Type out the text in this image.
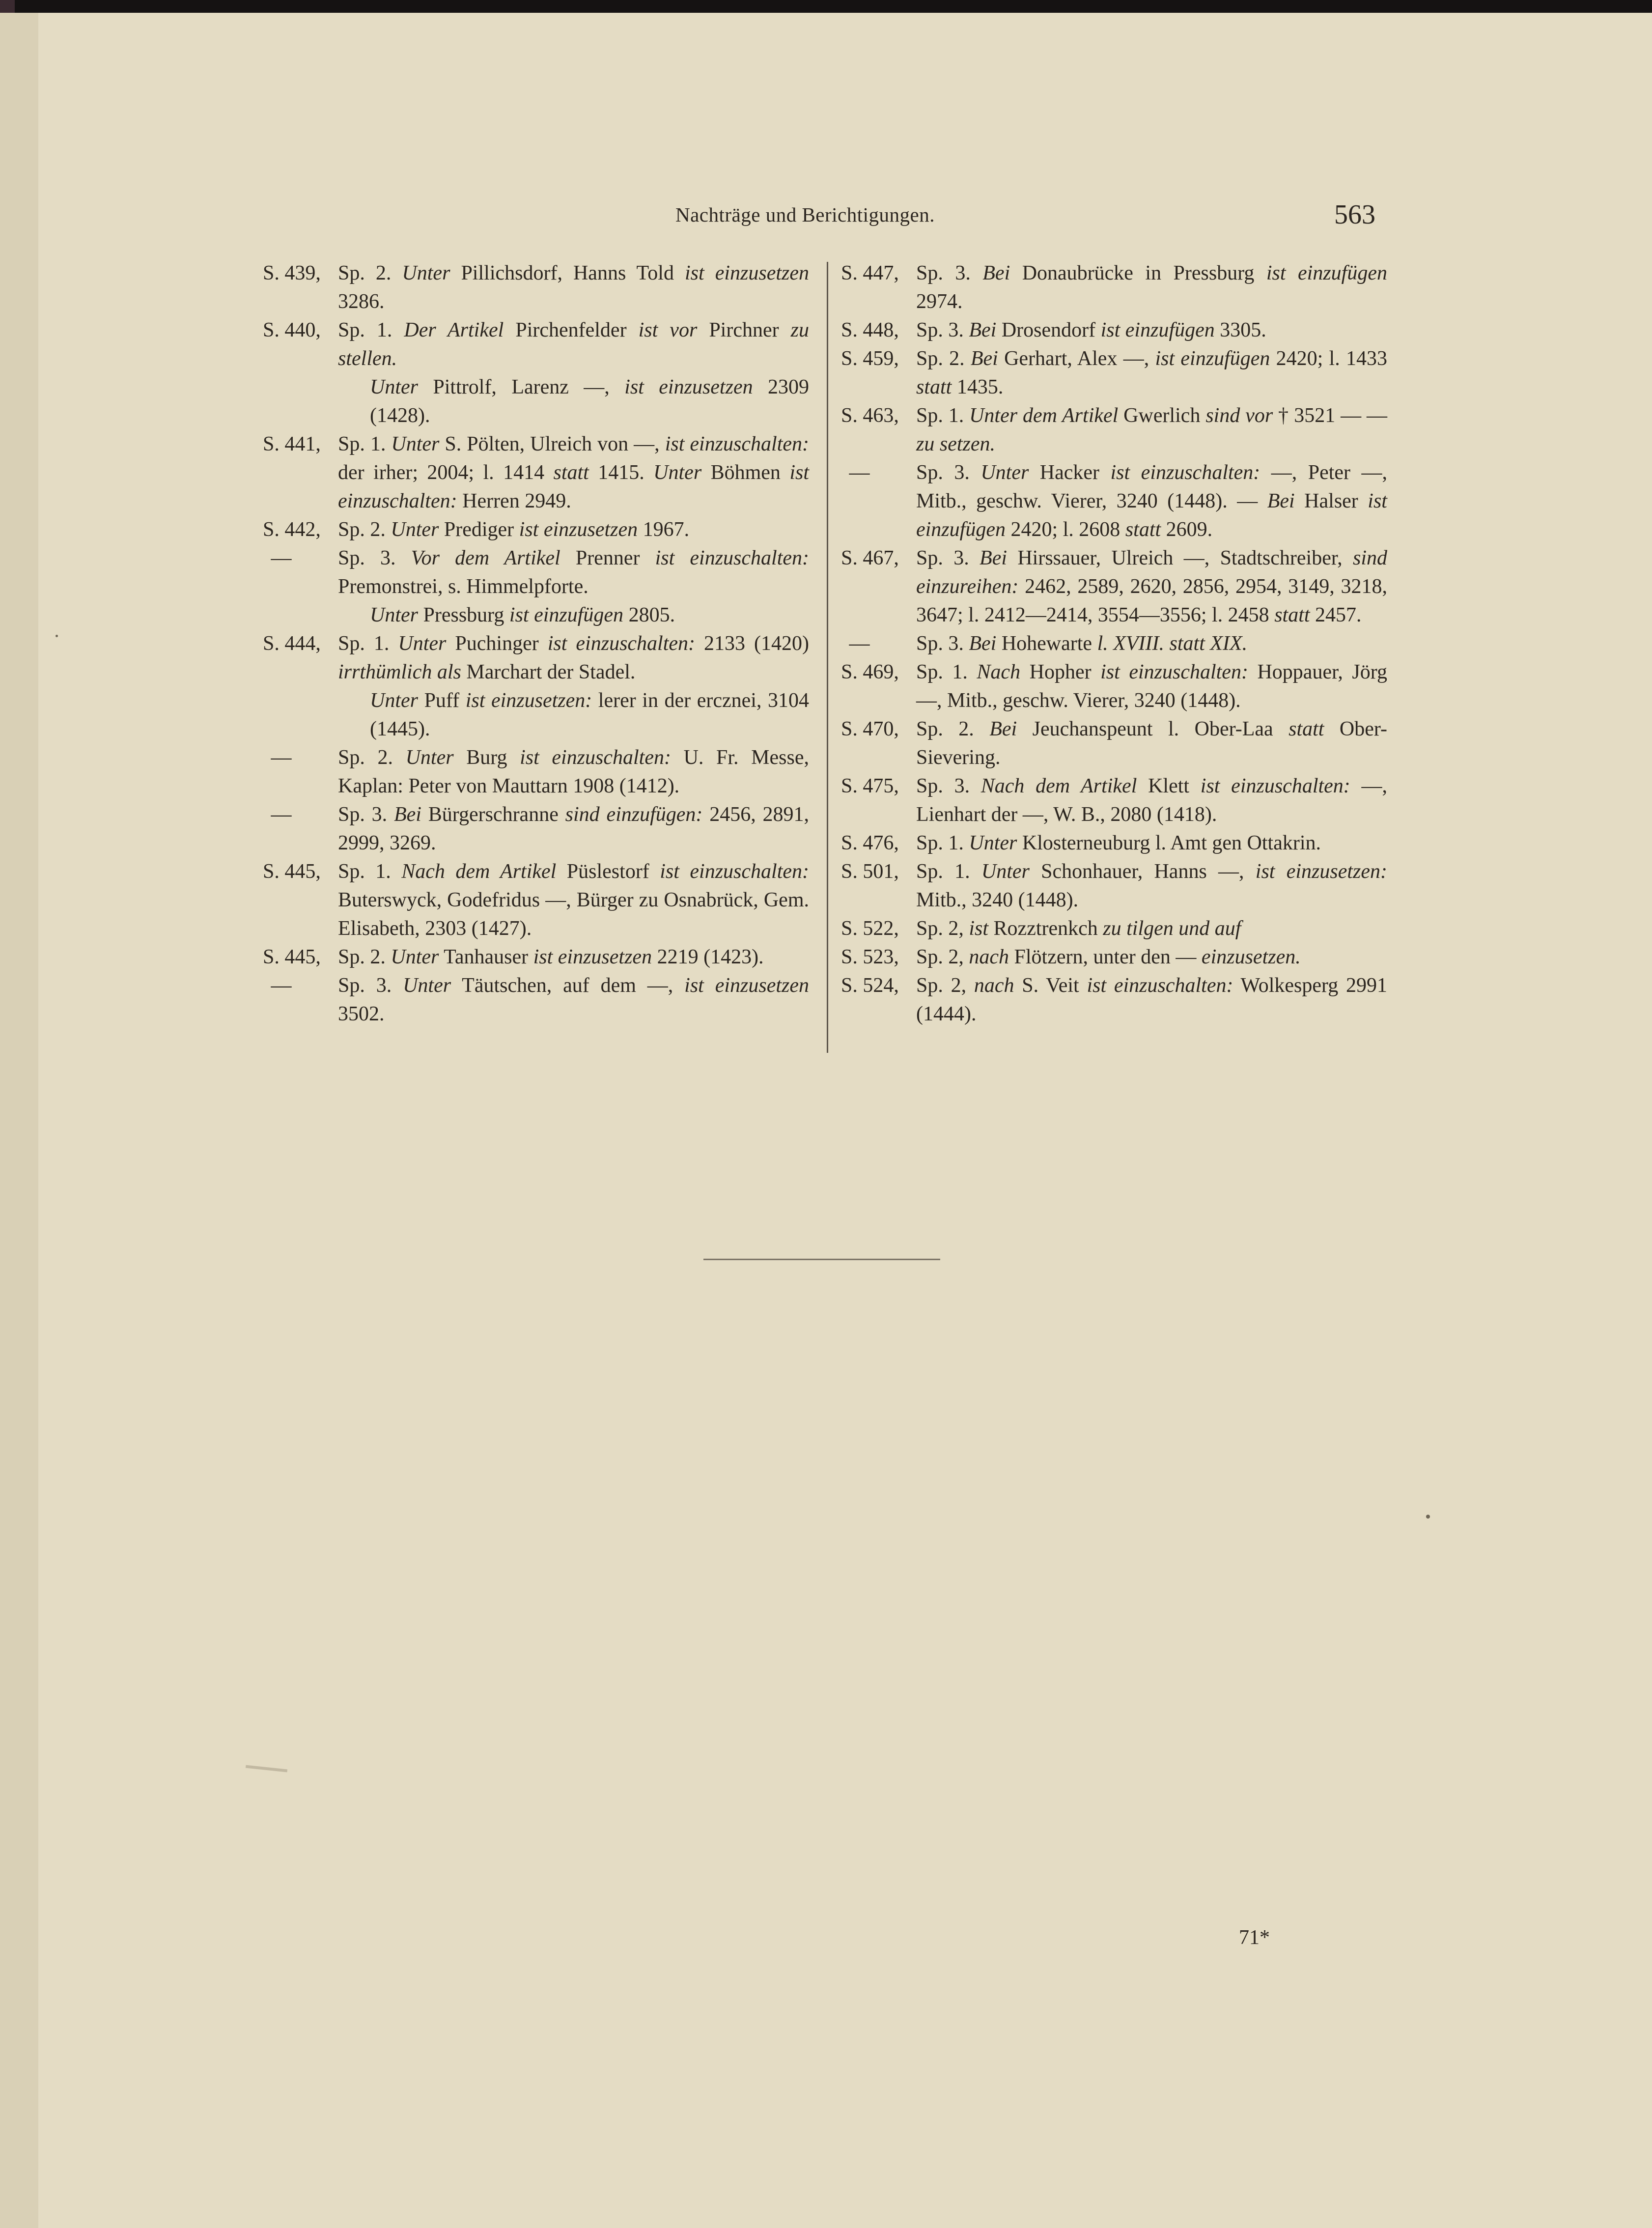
Nachträge und Berichtigungen.	563
S. 439, Sp. 2. Unter Pillichsdorf, Hanns Told ist einzusetzen 3286.
S. 440, Sp. 1. Der Artikel Pirchenfelder ist vor Pirchner zu stellen.
Unter Pittrolf, Larenz —, ist einzusetzen 2309 (1428).
S. 441, Sp. 1. Unter S. Pölten, Ulreich von —, ist einzuschalten: der irher; 2004; l. 1414 statt 1415. Unter Böhmen ist einzuschalten: Herren 2949.
S. 442, Sp. 2. Unter Prediger ist einzusetzen 1967.
—	Sp. 3. Vor dem Artikel Prenner ist einzuschalten: Premonstrei, s. Himmelpforte.
Unter Pressburg ist einzufügen 2805.
S. 444, Sp. 1. Unter Puchinger ist einzuschalten: 2133 (1420) irrthümlich als Marchart der Stadel.
Unter Puff ist einzusetzen: lerer in der ercznei, 3104 (1445).
—	Sp. 2. Unter Burg ist einzuschalten: U. Fr. Messe, Kaplan: Peter von Mauttarn 1908 (1412).
—	Sp. 3. Bei Bürgerschranne sind einzufügen: 2456, 2891, 2999, 3269.
S. 445, Sp. 1. Nach dem Artikel Püslestorf ist einzuschalten: Buterswyck, Godefridus —, Bürger zu Osnabrück, Gem. Elisabeth, 2303 (1427).
S. 445, Sp. 2. Unter Tanhauser ist einzusetzen 2219 (1423).
—	Sp. 3. Unter Täutschen, auf dem —, ist einzusetzen 3502.
S. 447, Sp. 3. Bei Donaubrücke in Pressburg ist einzufügen 2974.
S. 448, Sp. 3. Bei Drosendorf ist einzufügen 3305.
S. 459, Sp. 2. Bei Gerhart, Alex —, ist einzufügen 2420; l. 1433 statt 1435.
S. 463, Sp. 1. Unter dem Artikel Gwerlich sind vor † 3521 — — zu setzen.
—	Sp. 3. Unter Hacker ist einzuschalten: —, Peter —, Mitb., geschw. Vierer, 3240 (1448). — Bei Halser ist einzufügen 2420; l. 2608 statt 2609.
S. 467, Sp. 3. Bei Hirssauer, Ulreich —, Stadtschreiber, sind einzureihen: 2462, 2589, 2620, 2856, 2954, 3149, 3218, 3647; l. 2412—2414, 3554—3556; l. 2458 statt 2457.
—	Sp. 3. Bei Hohewarte l. XVIII. statt XIX.
S. 469, Sp. 1. Nach Hopher ist einzuschalten: Hoppauer, Jörg —, Mitb., geschw. Vierer, 3240 (1448).
S. 470, Sp. 2. Bei Jeuchanspeunt l. Ober-Laa statt Ober-Sievering.
S. 475, Sp. 3. Nach dem Artikel Klett ist einzuschalten: —, Lienhart der —, W. B., 2080 (1418).
S. 476, Sp. 1. Unter Klosterneuburg l. Amt gen Ottakrin.
S. 501, Sp. 1. Unter Schonhauer, Hanns —, ist einzusetzen: Mitb., 3240 (1448).
S. 522, Sp. 2, ist Rozztrenkch zu tilgen und auf
S. 523, Sp. 2, nach Flötzern, unter den — einzusetzen.
S. 524, Sp. 2, nach S. Veit ist einzuschalten: Wolkesperg 2991 (1444).
71*
